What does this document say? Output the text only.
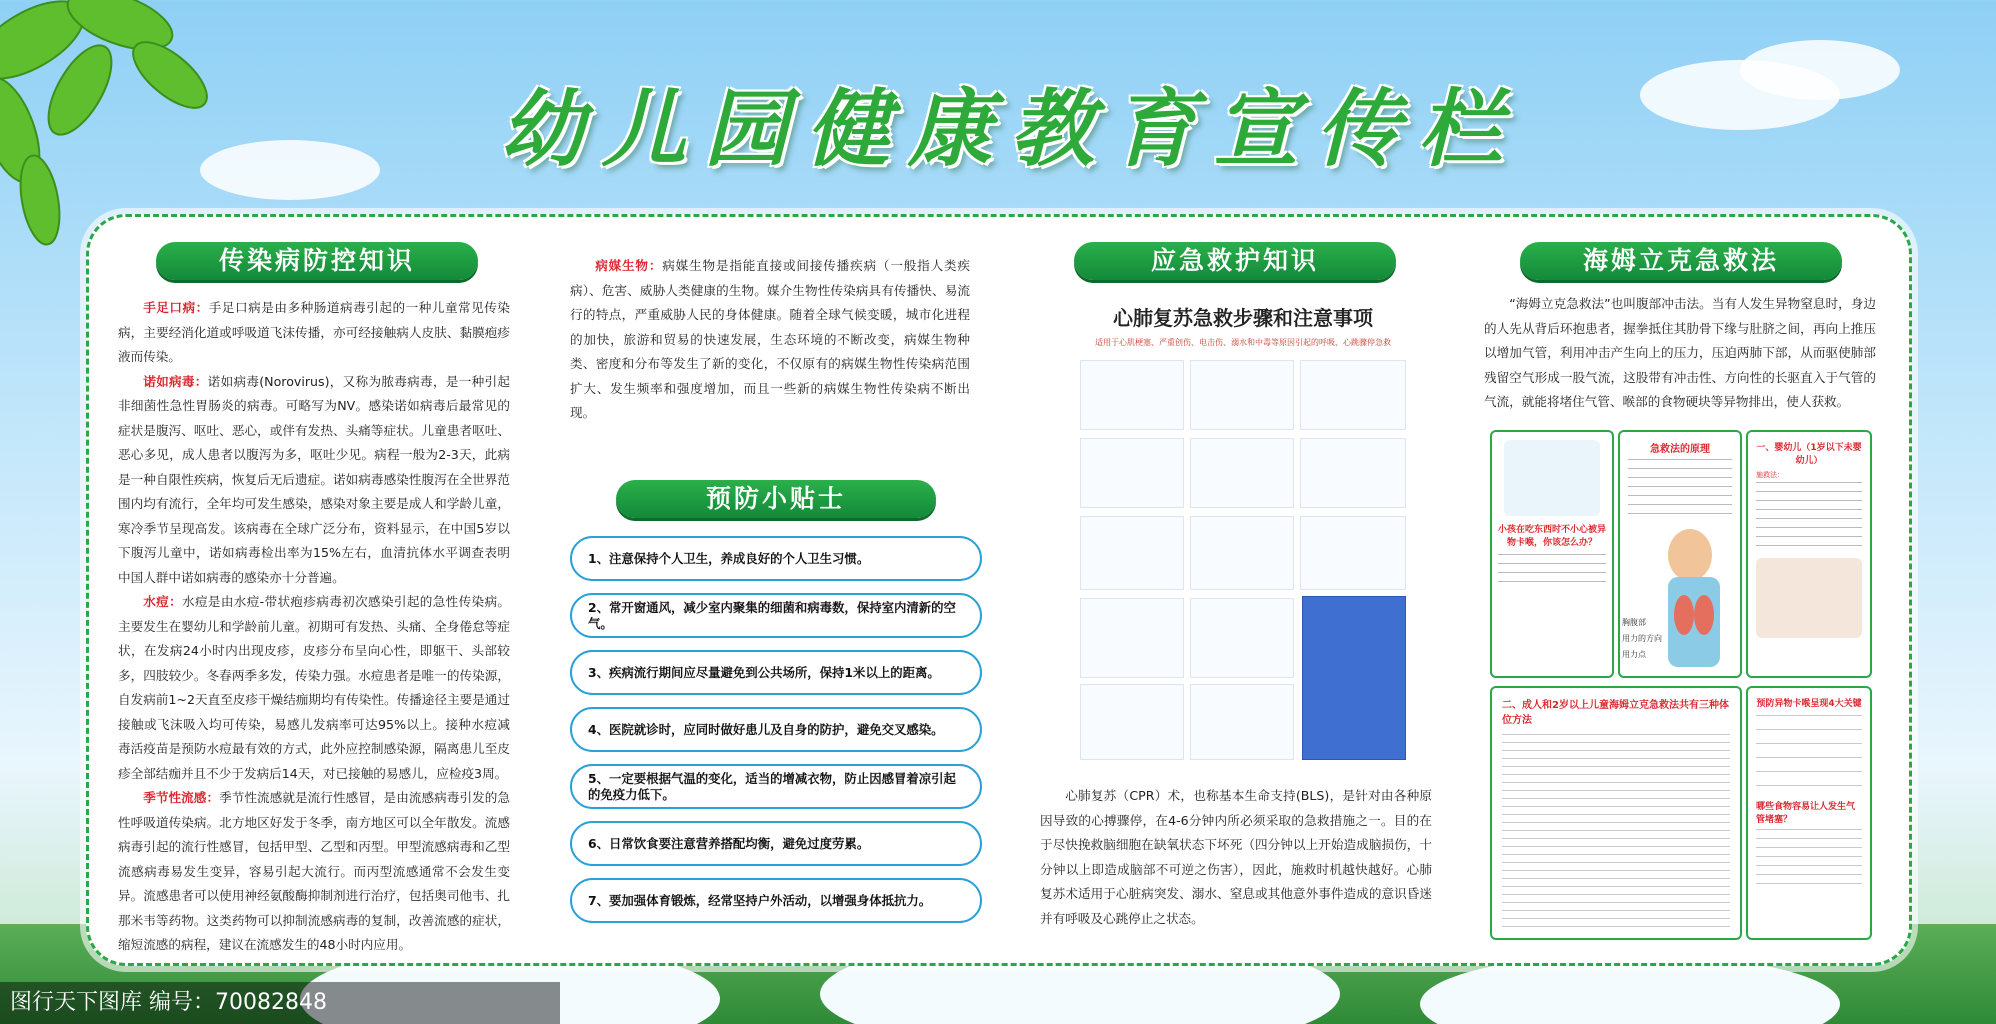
幼儿园健康教育宣传栏
传染病防控知识

手足口病：手足口病是由多种肠道病毒引起的一种儿童常见传染病，主要经消化道或呼吸道飞沫传播，亦可经接触病人皮肤、黏膜疱疹液而传染。

诺如病毒：诺如病毒(Norovirus)，又称为脓毒病毒，是一种引起非细菌性急性胃肠炎的病毒。可略写为NV。感染诺如病毒后最常见的症状是腹泻、呕吐、恶心，或伴有发热、头痛等症状。儿童患者呕吐、恶心多见，成人患者以腹泻为多，呕吐少见。病程一般为2-3天，此病是一种自限性疾病，恢复后无后遗症。诺如病毒感染性腹泻在全世界范围内均有流行，全年均可发生感染，感染对象主要是成人和学龄儿童，寒冷季节呈现高发。该病毒在全球广泛分布，资料显示，在中国5岁以下腹泻儿童中，诺如病毒检出率为15%左右，血清抗体水平调查表明中国人群中诺如病毒的感染亦十分普遍。

水痘：水痘是由水痘-带状疱疹病毒初次感染引起的急性传染病。主要发生在婴幼儿和学龄前儿童。初期可有发热、头痛、全身倦怠等症状，在发病24小时内出现皮疹，皮疹分布呈向心性，即躯干、头部较多，四肢较少。冬春两季多发，传染力强。水痘患者是唯一的传染源，自发病前1~2天直至皮疹干燥结痂期均有传染性。传播途径主要是通过接触或飞沫吸入均可传染，易感儿发病率可达95%以上。接种水痘减毒活疫苗是预防水痘最有效的方式，此外应控制感染源，隔离患儿至皮疹全部结痂并且不少于发病后14天，对已接触的易感儿，应检疫3周。

季节性流感：季节性流感就是流行性感冒，是由流感病毒引发的急性呼吸道传染病。北方地区好发于冬季，南方地区可以全年散发。流感病毒引起的流行性感冒，包括甲型、乙型和丙型。甲型流感病毒和乙型流感病毒易发生变异，容易引起大流行。而丙型流感通常不会发生变异。流感患者可以使用神经氨酸酶抑制剂进行治疗，包括奥司他韦、扎那米韦等药物。这类药物可以抑制流感病毒的复制，改善流感的症状，缩短流感的病程，建议在流感发生的48小时内应用。

病媒生物：病媒生物是指能直接或间接传播疾病（一般指人类疾病）、危害、威胁人类健康的生物。媒介生物性传染病具有传播快、易流行的特点，严重威胁人民的身体健康。随着全球气候变暖，城市化进程的加快，旅游和贸易的快速发展，生态环境的不断改变，病媒生物种类、密度和分布等发生了新的变化，不仅原有的病媒生物性传染病范围扩大、发生频率和强度增加，而且一些新的病媒生物性传染病不断出现。

预防小贴士
1、注意保持个人卫生，养成良好的个人卫生习惯。
2、常开窗通风，减少室内聚集的细菌和病毒数，保持室内清新的空气。
3、疾病流行期间应尽量避免到公共场所，保持1米以上的距离。
4、医院就诊时，应同时做好患儿及自身的防护，避免交叉感染。
5、一定要根据气温的变化，适当的增减衣物，防止因感冒着凉引起的免疫力低下。
6、日常饮食要注意营养搭配均衡，避免过度劳累。
7、要加强体育锻炼，经常坚持户外活动，以增强身体抵抗力。
应急救护知识
心肺复苏急救步骤和注意事项
适用于心肌梗塞、严重创伤、电击伤、溺水和中毒等原因引起的呼吸、心跳骤停急救

心肺复苏（CPR）术，也称基本生命支持(BLS)，是针对由各种原因导致的心搏骤停，在4-6分钟内所必须采取的急救措施之一。目的在于尽快挽救脑细胞在缺氧状态下坏死（四分钟以上开始造成脑损伤，十分钟以上即造成脑部不可逆之伤害），因此，施救时机越快越好。心肺复苏术适用于心脏病突发、溺水、窒息或其他意外事件造成的意识昏迷并有呼吸及心跳停止之状态。

海姆立克急救法

“海姆立克急救法”也叫腹部冲击法。当有人发生异物窒息时，身边的人先从背后环抱患者，握拳抵住其肋骨下缘与肚脐之间，再向上推压以增加气管，利用冲击产生向上的压力，压迫两肺下部，从而驱使肺部残留空气形成一股气流，这股带有冲击性、方向性的长驱直入于气管的气流，就能将堵住气管、喉部的食物硬块等异物排出，使人获救。

小孩在吃东西时不小心被异物卡喉，你该怎么办？
急救法的原理
胸腹部
用力的方向
用力点
一、婴幼儿（1岁以下未婴幼儿）
施救法：
二、成人和2岁以上儿童海姆立克急救法共有三种体位方法
预防异物卡喉呈现4大关键
哪些食物容易让人发生气管堵塞？
图行天下图库 编号：70082848
